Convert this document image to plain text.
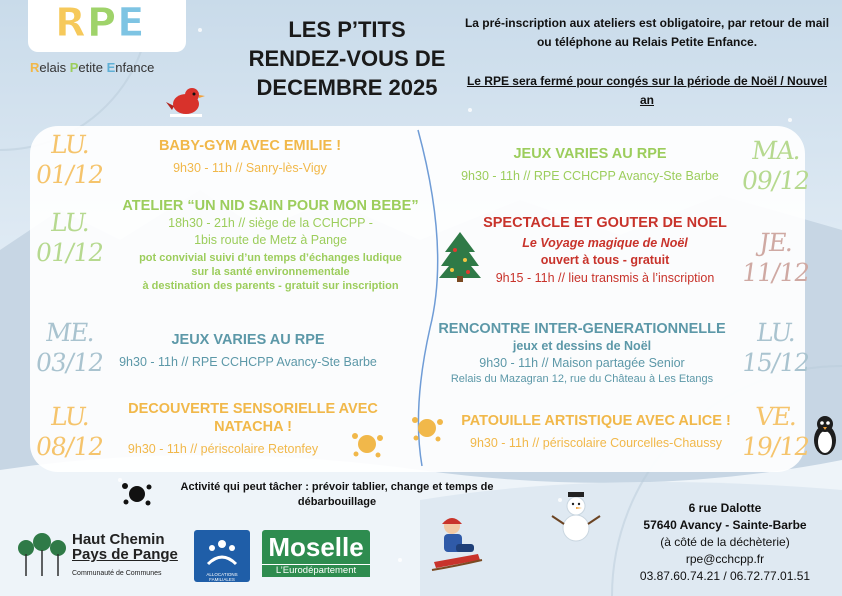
RPE
Relais Petite Enfance
LES P’TITS
RENDEZ-VOUS DE
DECEMBRE 2025
La pré-inscription aux ateliers est obligatoire, par retour de mail
ou téléphone au Relais Petite Enfance.
Le RPE sera fermé pour congés sur la période de Noël / Nouvel an
LU.
01/12
BABY-GYM AVEC EMILIE !
9h30 - 11h // Sanry-lès-Vigy
LU.
01/12
ATELIER “UN NID SAIN POUR MON BEBE”
18h30 - 21h // siège de la CCHCPP -
1bis route de Metz à Pange
pot convivial suivi d’un temps d’échanges ludique
sur la santé environnementale
à destination des parents - gratuit sur inscription
ME.
03/12
JEUX VARIES AU RPE
9h30 - 11h // RPE CCHCPP Avancy-Ste Barbe
LU.
08/12
DECOUVERTE SENSORIELLE AVEC
NATACHA !
9h30 - 11h // périscolaire Retonfey
JEUX VARIES AU RPE
9h30 - 11h // RPE CCHCPP Avancy-Ste Barbe
MA.
09/12
SPECTACLE ET GOUTER DE NOEL
Le Voyage magique de Noël
ouvert à tous - gratuit
9h15 - 11h // lieu transmis à l’inscription
JE.
11/12
RENCONTRE INTER-GENERATIONNELLE
jeux et dessins de Noël
9h30 - 11h // Maison partagée Senior
Relais du Mazagran 12, rue du Château à Les Etangs
LU.
15/12
PATOUILLE ARTISTIQUE AVEC ALICE !
9h30 - 11h // périscolaire Courcelles-Chaussy
VE.
19/12
Activité qui peut tâcher : prévoir tablier, change et temps de
débarbouillage
Haut Chemin
Pays de Pange
Communauté de Communes	ALLOCATIONS
FAMILIALES
Moselle
L’Eurodépartement
6 rue Dalotte
57640 Avancy - Sainte-Barbe
(à côté de la déchèterie)
rpe@cchcpp.fr
03.87.60.74.21 / 06.72.77.01.51
